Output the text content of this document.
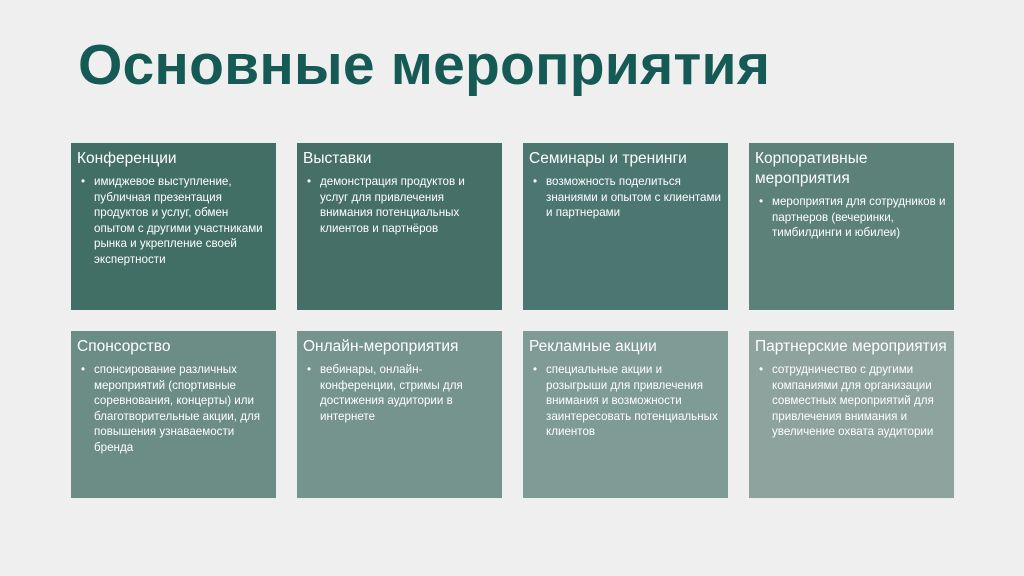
Основные мероприятия
Конференции
• имиджевое выступление, публичная презентация продуктов и услуг, обмен опытом с другими участниками рынка и укрепление своей экспертности
Выставки
• демонстрация продуктов и услуг для привлечения внимания потенциальных клиентов и партнёров
Семинары и тренинги
• возможность поделиться знаниями и опытом с клиентами и партнерами
Корпоративные мероприятия
• мероприятия для сотрудников и партнеров (вечеринки, тимбилдинги и юбилеи)
Спонсорство
• спонсирование различных мероприятий (спортивные соревнования, концерты) или благотворительные акции, для повышения узнаваемости бренда
Онлайн-мероприятия
• вебинары, онлайн-конференции, стримы для достижения аудитории в интернете
Рекламные акции
• специальные акции и розыгрыши для привлечения внимания и возможности заинтересовать потенциальных клиентов
Партнерские мероприятия
• сотрудничество с другими компаниями для организации совместных мероприятий для привлечения внимания и увеличение охвата аудитории
